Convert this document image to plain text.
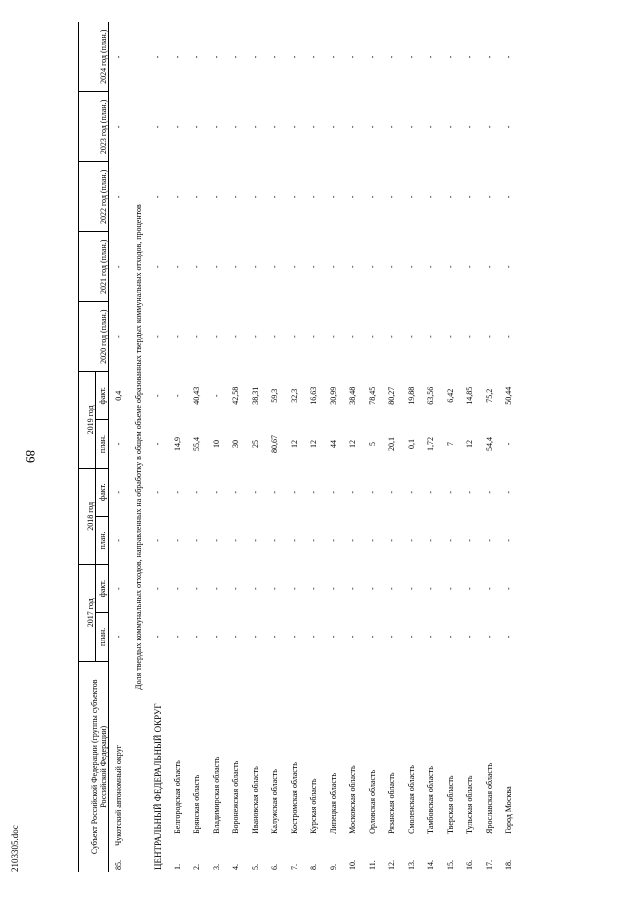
89
2103305.doc	Субъект Российской Федерации (группы субъектов Российской Федерации)		2017 год		2018 год		2019 год		2020 год (план.)	2021 год (план.)	2022 год (план.)	2023 год (план.)	2024 год (план.)
		план.	факт.	план.	факт.	план.	факт.					
85.	Чукотский автономный округ	-	-	-	-	-	0,4	-	-	-	-	-
Доля твердых коммунальных отходов, направленных на обработку в общем объеме образованных твердых коммунальных отходов, процентов												
ЦЕНТРАЛЬНЫЙ ФЕДЕРАЛЬНЫЙ ОКРУГ		-	-	-	-	-	-	-	-	-	-	-
1.	Белгородская область	-	-	-	-	14,9	-	-	-	-	-	-
2.	Брянская область	-	-	-	-	55,4	40,43	-	-	-	-	-
3.	Владимирская область	-	-	-	-	10	-	-	-	-	-	-
4.	Воронежская область	-	-	-	-	30	42,58	-	-	-	-	-
5.	Ивановская область	-	-	-	-	25	38,31	-	-	-	-	-
6.	Калужская область	-	-	-	-	80,67	59,3	-	-	-	-	-
7.	Костромская область	-	-	-	-	12	32,3	-	-	-	-	-
8.	Курская область	-	-	-	-	12	16,63	-	-	-	-	-
9.	Липецкая область	-	-	-	-	44	30,99	-	-	-	-	-
10.	Московская область	-	-	-	-	12	38,48	-	-	-	-	-
11.	Орловская область	-	-	-	-	5	78,45	-	-	-	-	-
12.	Рязанская область	-	-	-	-	20,1	80,27	-	-	-	-	-
13.	Смоленская область	-	-	-	-	0,1	19,88	-	-	-	-	-
14.	Тамбовская область	-	-	-	-	1,72	63,56	-	-	-	-	-
15.	Тверская область	-	-	-	-	7	6,42	-	-	-	-	-
16.	Тульская область	-	-	-	-	12	14,85	-	-	-	-	-
17.	Ярославская область	-	-	-	-	54,4	75,2	-	-	-	-	-
18.	Город Москва	-	-	-	-	-	50,44	-	-	-	-	-
